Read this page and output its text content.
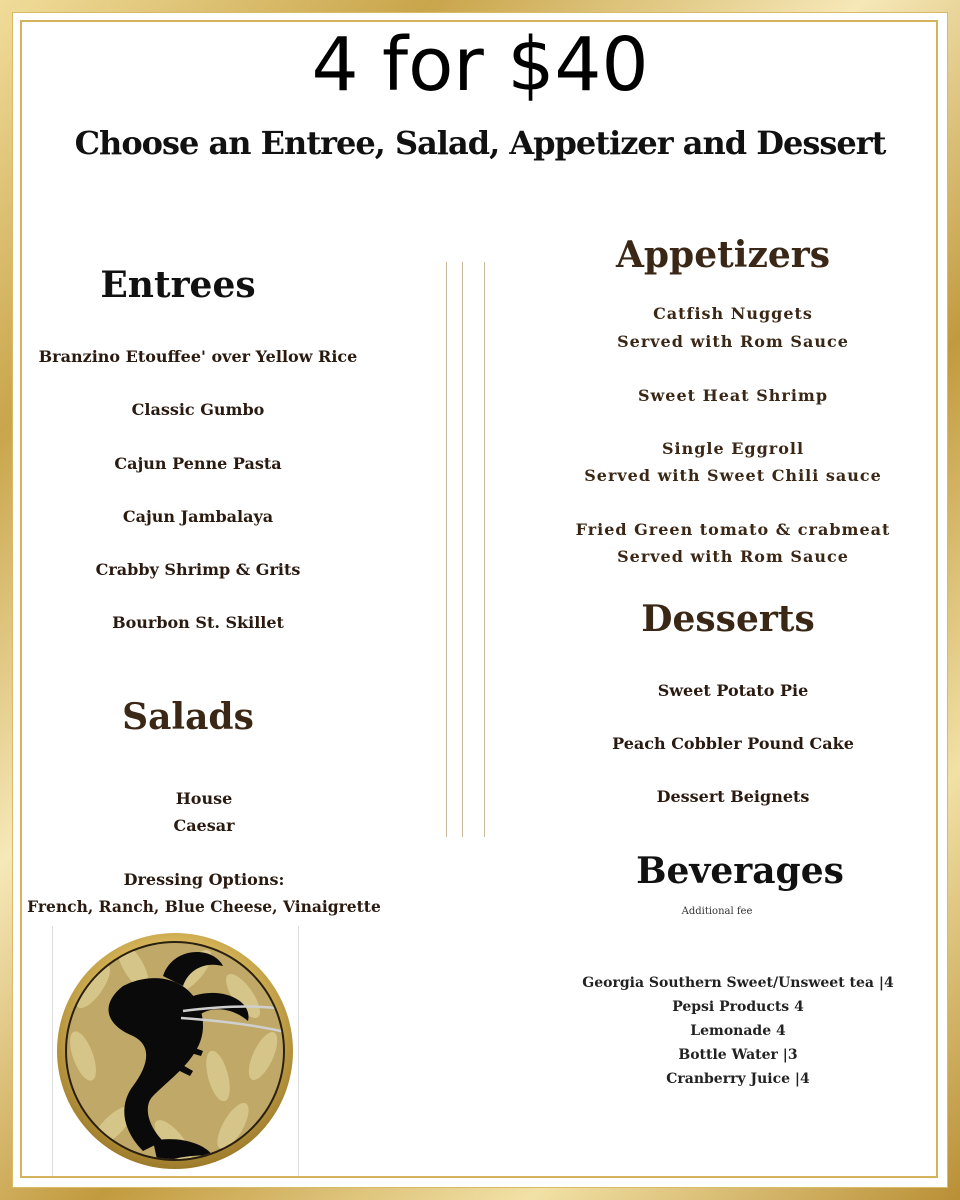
4 for $40
Choose an Entree, Salad, Appetizer and Dessert
Entrees
Branzino Etouffee' over Yellow Rice
Classic Gumbo
Cajun Penne Pasta
Cajun Jambalaya
Crabby Shrimp & Grits
Bourbon St. Skillet
Salads
House
Caesar
Dressing Options:
French, Ranch, Blue Cheese, Vinaigrette
Appetizers
Catfish Nuggets
Served with Rom Sauce
Sweet Heat Shrimp
Single Eggroll
Served with Sweet Chili sauce
Fried Green tomato & crabmeat
Served with Rom Sauce
Desserts
Sweet Potato Pie
Peach Cobbler Pound Cake
Dessert Beignets
Beverages
Additional fee
Georgia Southern Sweet/Unsweet tea |4
Pepsi Products 4
Lemonade 4
Bottle Water |3
Cranberry Juice |4
